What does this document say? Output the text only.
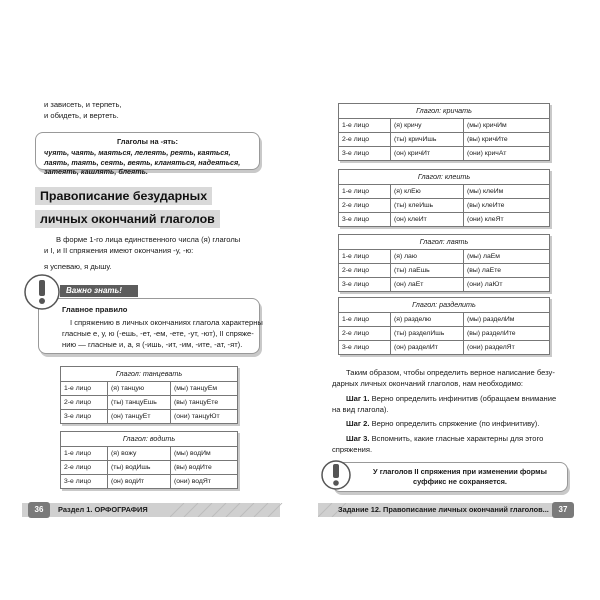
и зависеть, и терпеть,
и обидеть, и вертеть.
Глаголы на -ять:
чуять, чаять, маяться, лелеять, реять, каяться, лаять, таять, сеять, веять, кланяться, надеяться, затеять, кашлять, блеять.
Правописание безударных
личных окончаний глаголов
В форме 1-го лица единственного числа (я) глаголы
и I, и II спряжения имеют окончания -у, -ю:
я успеваю, я дышу.
Важно знать!
Главное правило
I спряжению в личных окончаниях глагола характерны
гласные е, у, ю (-ешь, -ет, -ем, -ете, -ут, -ют), II спряже-
нию — гласные и, а, я (-ишь, -ит, -им, -ите, -ат, -ят).
Глагол: танцевать
1-е лицо	(я) танцую	(мы) танцуЕм
2-е лицо	(ты) танцуЕшь	(вы) танцуЕте
3-е лицо	(он) танцуЕт	(они) танцуЮт
Глагол: водить
1-е лицо	(я) вожу	(мы) водИм
2-е лицо	(ты) водИшь	(вы) водИте
3-е лицо	(он) водИт	(они) водЯт
Глагол: кричать
1-е лицо	(я) кричу	(мы) кричИм
2-е лицо	(ты) кричИшь	(вы) кричИте
3-е лицо	(он) кричИт	(они) кричАт
Глагол: клеить
1-е лицо	(я) клЕю	(мы) клеИм
2-е лицо	(ты) клеИшь	(вы) клеИте
3-е лицо	(он) клеИт	(они) клеЯт
Глагол: лаять
1-е лицо	(я) лаю	(мы) лаЕм
2-е лицо	(ты) лаЕшь	(вы) лаЕте
3-е лицо	(он) лаЕт	(они) лаЮт
Глагол: разделить
1-е лицо	(я) разделю	(мы) разделИм
2-е лицо	(ты) разделИшь	(вы) разделИте
3-е лицо	(он) разделИт	(они) разделЯт
Таким образом, чтобы определить верное написание безу-
дарных личных окончаний глаголов, нам необходимо:
Шаг 1. Верно определить инфинитив (обращаем внимание
на вид глагола).
Шаг 2. Верно определить спряжение (по инфинитиву).
Шаг 3. Вспомнить, какие гласные характерны для этого
спряжения.
У глаголов II спряжения при изменении формы
суффикс не сохраняется.
36	Раздел 1. ОРФОГРАФИЯ	Задание 12. Правописание личных окончаний глаголов...	37
